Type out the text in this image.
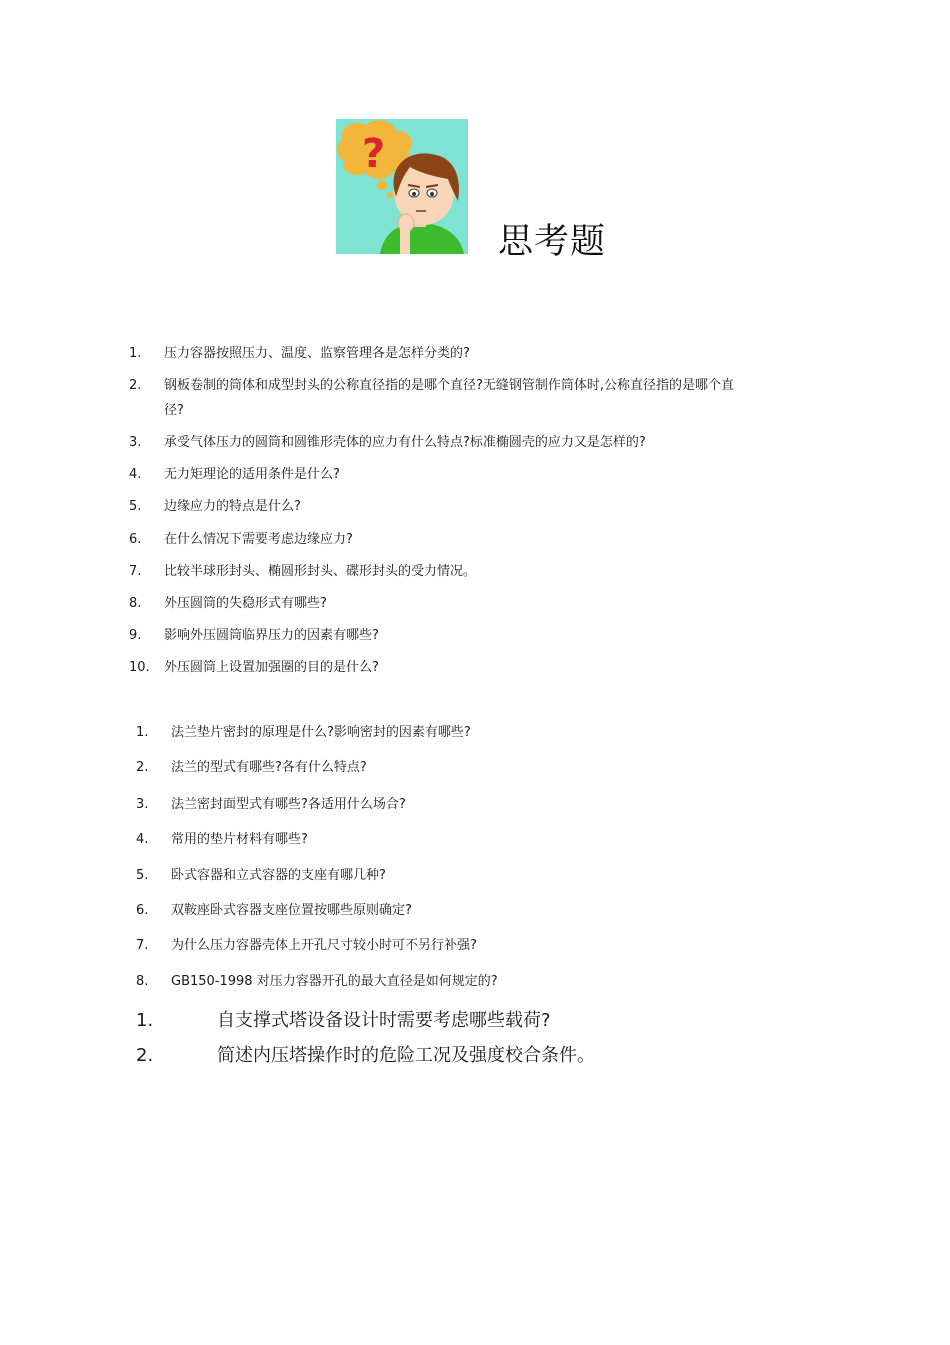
?
思考题
1. 压力容器按照压力、温度、监察管理各是怎样分类的?
2. 钢板卷制的筒体和成型封头的公称直径指的是哪个直径?无缝钢管制作筒体时,公称直径指的是哪个直径?
3. 承受气体压力的圆筒和圆锥形壳体的应力有什么特点?标准椭圆壳的应力又是怎样的?
4. 无力矩理论的适用条件是什么?
5. 边缘应力的特点是什么?
6. 在什么情况下需要考虑边缘应力?
7. 比较半球形封头、椭圆形封头、碟形封头的受力情况。
8. 外压圆筒的失稳形式有哪些?
9. 影响外压圆筒临界压力的因素有哪些?
10. 外压圆筒上设置加强圈的目的是什么?
1. 法兰垫片密封的原理是什么?影响密封的因素有哪些?
2. 法兰的型式有哪些?各有什么特点?
3. 法兰密封面型式有哪些?各适用什么场合?
4. 常用的垫片材料有哪些?
5. 卧式容器和立式容器的支座有哪几种?
6. 双鞍座卧式容器支座位置按哪些原则确定?
7. 为什么压力容器壳体上开孔尺寸较小时可不另行补强?
8. GB150-1998 对压力容器开孔的最大直径是如何规定的?
1.	自支撑式塔设备设计时需要考虑哪些载荷?
2.	简述内压塔操作时的危险工况及强度校合条件。
